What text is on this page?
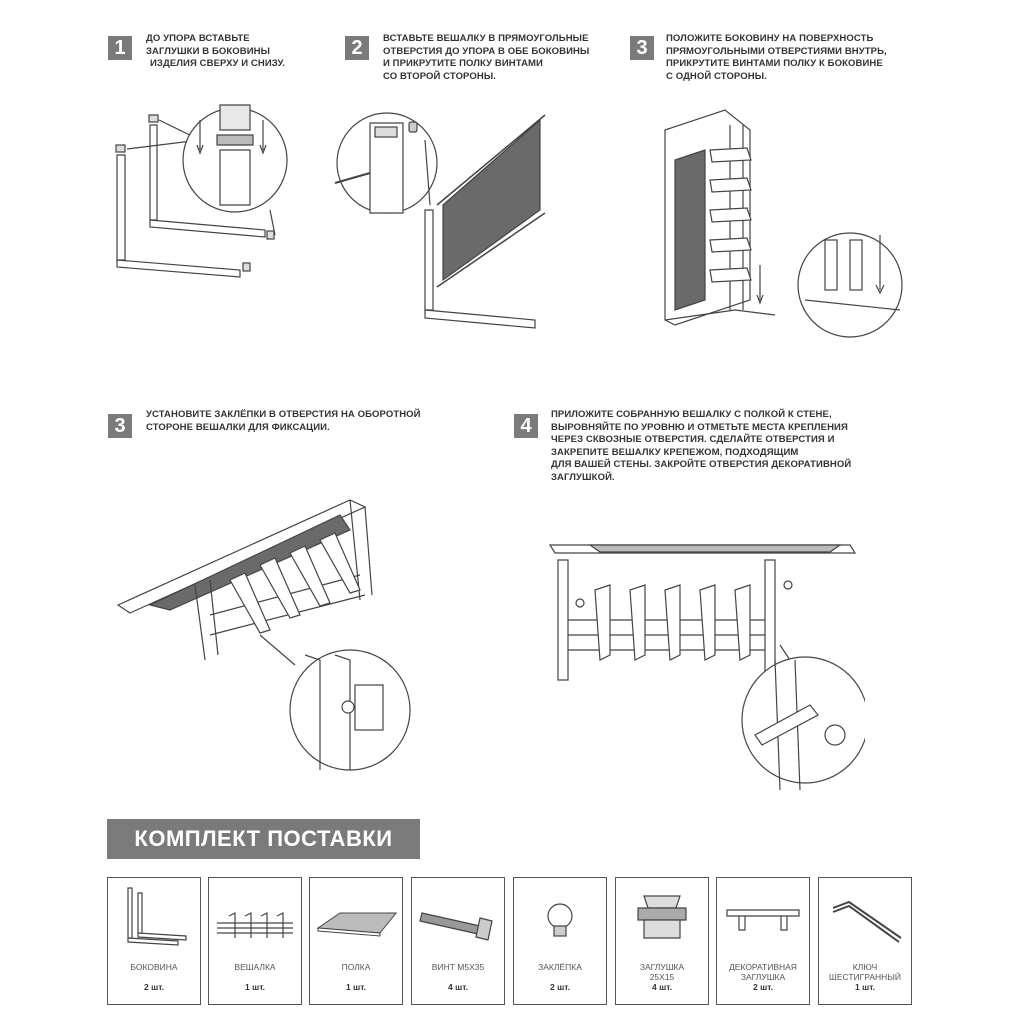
1	ДО УПОРА ВСТАВЬТЕ
ЗАГЛУШКИ В БОКОВИНЫ
ИЗДЕЛИЯ СВЕРХУ И СНИЗУ.
2	ВСТАВЬТЕ ВЕШАЛКУ В ПРЯМОУГОЛЬНЫЕ
ОТВЕРСТИЯ ДО УПОРА В ОБЕ БОКОВИНЫ
И ПРИКРУТИТЕ ПОЛКУ ВИНТАМИ
СО ВТОРОЙ СТОРОНЫ.
3	ПОЛОЖИТЕ БОКОВИНУ НА ПОВЕРХНОСТЬ
ПРЯМОУГОЛЬНЫМИ ОТВЕРСТИЯМИ ВНУТРЬ,
ПРИКРУТИТЕ ВИНТАМИ ПОЛКУ К БОКОВИНЕ
С ОДНОЙ СТОРОНЫ.
3
УСТАНОВИТЕ ЗАКЛЁПКИ В ОТВЕРСТИЯ НА ОБОРОТНОЙ
СТОРОНЕ ВЕШАЛКИ ДЛЯ ФИКСАЦИИ.	4
ПРИЛОЖИТЕ СОБРАННУЮ ВЕШАЛКУ С ПОЛКОЙ К СТЕНЕ,
ВЫРОВНЯЙТЕ ПО УРОВНЮ И ОТМЕТЬТЕ МЕСТА КРЕПЛЕНИЯ
ЧЕРЕЗ СКВОЗНЫЕ ОТВЕРСТИЯ. СДЕЛАЙТЕ ОТВЕРСТИЯ И
ЗАКРЕПИТЕ ВЕШАЛКУ КРЕПЕЖОМ, ПОДХОДЯЩИМ
ДЛЯ ВАШЕЙ СТЕНЫ. ЗАКРОЙТЕ ОТВЕРСТИЯ ДЕКОРАТИВНОЙ
ЗАГЛУШКОЙ.
КОМПЛЕКТ ПОСТАВКИ
БОКОВИНА
2 шт.
ВЕШАЛКА
1 шт.
ПОЛКА
1 шт.
ВИНТ М5Х35
4 шт.
ЗАКЛЁПКА
2 шт.
ЗАГЛУШКА
25Х15
4 шт.
ДЕКОРАТИВНАЯ
ЗАГЛУШКА
2 шт.
КЛЮЧ
ШЕСТИГРАННЫЙ
1 шт.
